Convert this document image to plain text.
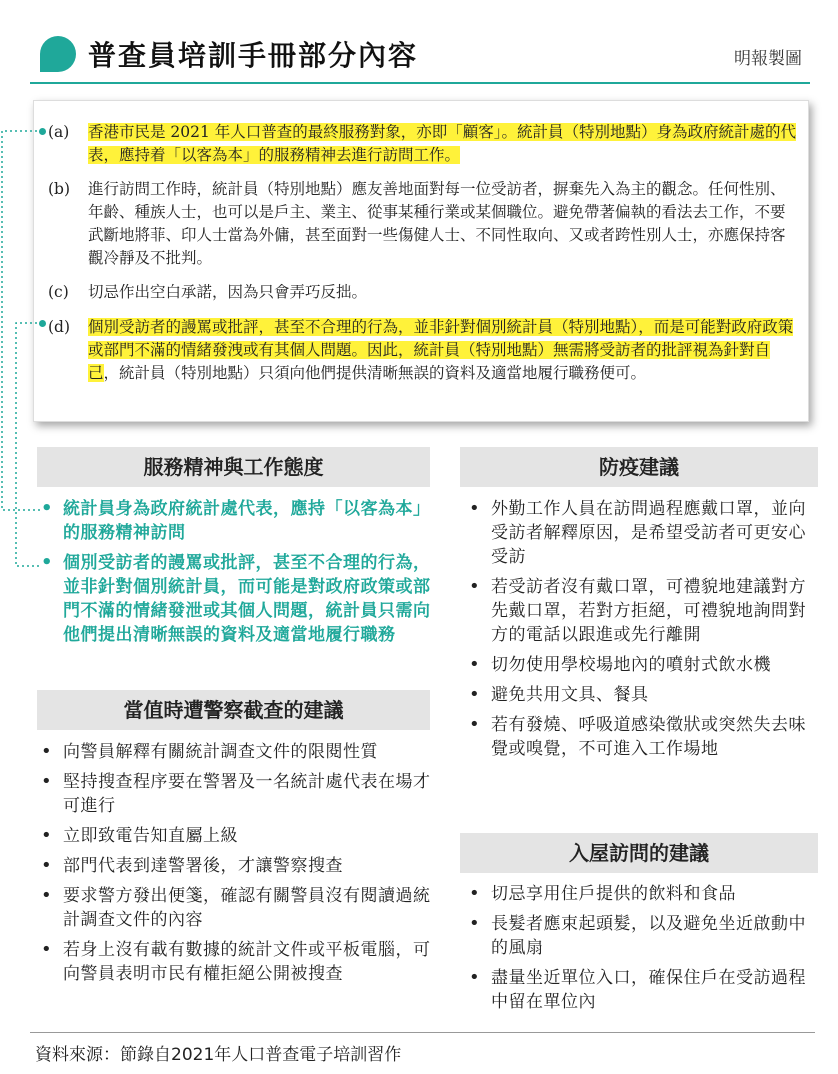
普查員培訓手冊部分內容	明報製圖
(a) 香港市民是 2021 年人口普查的最終服務對象，亦即「顧客」。統計員（特別地點）身為政府統計處的代表，應持着「以客為本」的服務精神去進行訪問工作。
(b) 進行訪問工作時，統計員（特別地點）應友善地面對每一位受訪者，摒棄先入為主的觀念。任何性別、年齡、種族人士，也可以是戶主、業主、從事某種行業或某個職位。避免帶著偏執的看法去工作，不要武斷地將菲、印人士當為外傭，甚至面對一些傷健人士、不同性取向、又或者跨性別人士，亦應保持客觀冷靜及不批判。
(c) 切忌作出空白承諾，因為只會弄巧反拙。
(d) 個別受訪者的謾罵或批評，甚至不合理的行為，並非針對個別統計員（特別地點），而是可能對政府政策或部門不滿的情緒發洩或有其個人問題。因此，統計員（特別地點）無需將受訪者的批評視為針對自己，統計員（特別地點）只須向他們提供清晰無誤的資料及適當地履行職務便可。
服務精神與工作態度
• 統計員身為政府統計處代表，應持「以客為本」的服務精神訪問
• 個別受訪者的謾罵或批評，甚至不合理的行為，並非針對個別統計員，而可能是對政府政策或部門不滿的情緒發泄或其個人問題，統計員只需向他們提出清晰無誤的資料及適當地履行職務
當值時遭警察截查的建議
• 向警員解釋有關統計調查文件的限閱性質
• 堅持搜查程序要在警署及一名統計處代表在場才可進行
• 立即致電告知直屬上級
• 部門代表到達警署後，才讓警察搜查
• 要求警方發出便箋，確認有關警員沒有閱讀過統計調查文件的內容
• 若身上沒有載有數據的統計文件或平板電腦，可向警員表明市民有權拒絕公開被搜查
防疫建議
• 外勤工作人員在訪問過程應戴口罩，並向受訪者解釋原因，是希望受訪者可更安心受訪
• 若受訪者沒有戴口罩，可禮貌地建議對方先戴口罩，若對方拒絕，可禮貌地詢問對方的電話以跟進或先行離開
• 切勿使用學校場地內的噴射式飲水機
• 避免共用文具、餐具
• 若有發燒、呼吸道感染徵狀或突然失去味覺或嗅覺，不可進入工作場地
入屋訪問的建議
• 切忌享用住戶提供的飲料和食品
• 長髮者應束起頭髮，以及避免坐近啟動中的風扇
• 盡量坐近單位入口，確保住戶在受訪過程中留在單位內
資料來源：節錄自2021年人口普查電子培訓習作
